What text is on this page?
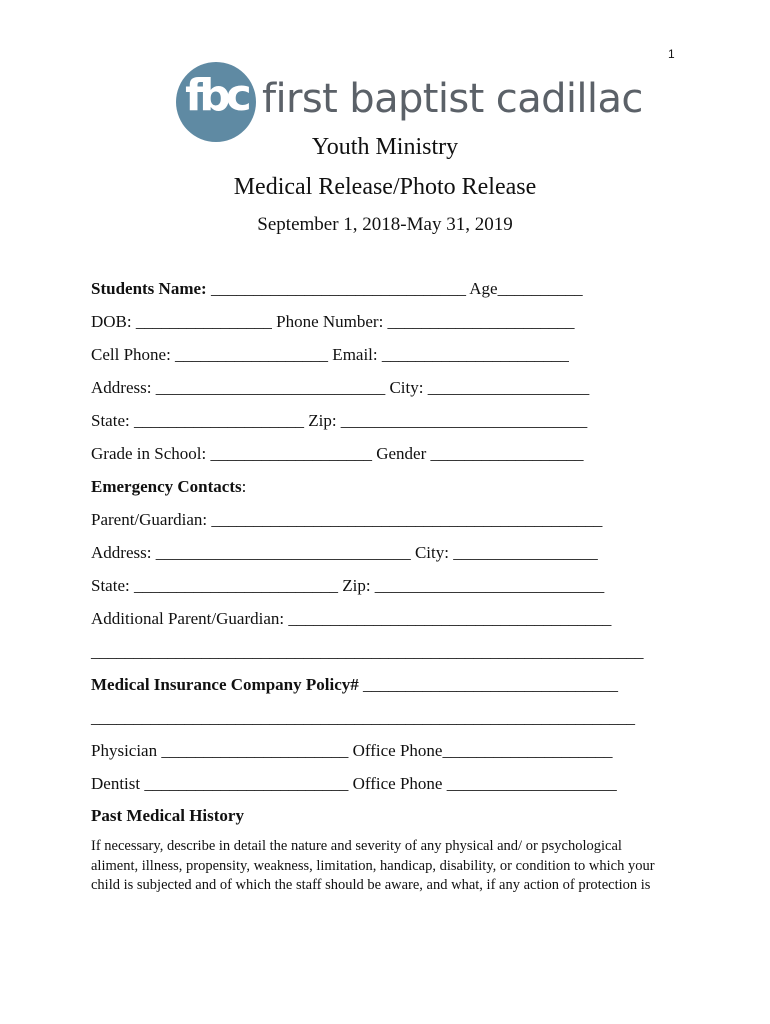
1
fbc first baptist cadillac
Youth Ministry
Medical Release/Photo Release
September 1, 2018-May 31, 2019
Students Name: ______________________________ Age__________
DOB: ________________ Phone Number: ______________________
Cell Phone: __________________ Email: ______________________
Address: ___________________________ City: ___________________
State: ____________________ Zip: _____________________________
Grade in School: ___________________ Gender __________________
Emergency Contacts:
Parent/Guardian: ______________________________________________
Address: ______________________________ City: _________________
State: ________________________ Zip: ___________________________
Additional Parent/Guardian: ______________________________________
_________________________________________________________________
Medical Insurance Company Policy# ______________________________
________________________________________________________________
Physician ______________________ Office Phone____________________
Dentist ________________________ Office Phone ____________________
Past Medical History
If necessary, describe in detail the nature and severity of any physical and/ or psychological
aliment, illness, propensity, weakness, limitation, handicap, disability, or condition to which your
child is subjected and of which the staff should be aware, and what, if any action of protection is
